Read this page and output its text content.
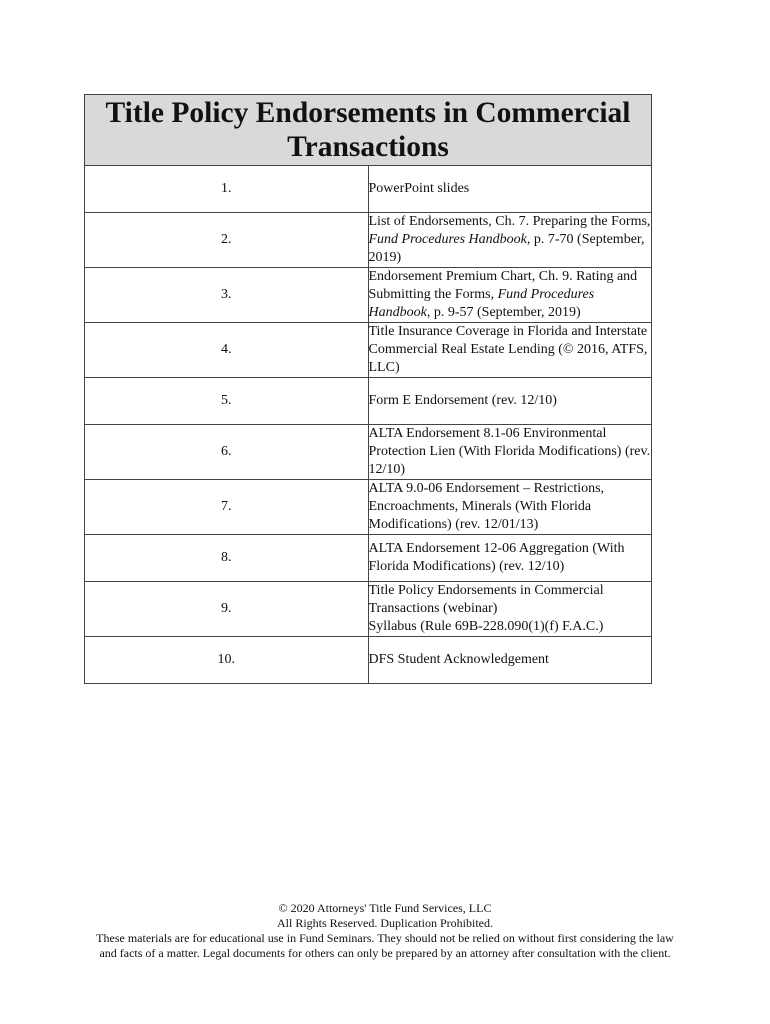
Title Policy Endorsements in Commercial Transactions	
1.	PowerPoint slides
2.	List of Endorsements, Ch. 7. Preparing the Forms, Fund Procedures Handbook, p. 7-70 (September, 2019)
3.	Endorsement Premium Chart, Ch. 9. Rating and Submitting the Forms, Fund Procedures Handbook, p. 9-57 (September, 2019)
4.	Title Insurance Coverage in Florida and Interstate Commercial Real Estate Lending (© 2016, ATFS, LLC)
5.	Form E Endorsement (rev. 12/10)
6.	ALTA Endorsement 8.1-06 Environmental Protection Lien (With Florida Modifications) (rev. 12/10)
7.	ALTA 9.0-06 Endorsement – Restrictions, Encroachments, Minerals (With Florida Modifications) (rev. 12/01/13)
8.	ALTA Endorsement 12-06 Aggregation (With Florida Modifications) (rev. 12/10)
9.	Title Policy Endorsements in Commercial Transactions (webinar)
Syllabus (Rule 69B-228.090(1)(f) F.A.C.)
10.	DFS Student Acknowledgement
© 2020 Attorneys' Title Fund Services, LLC
All Rights Reserved. Duplication Prohibited.
These materials are for educational use in Fund Seminars. They should not be relied on without first considering the law
and facts of a matter. Legal documents for others can only be prepared by an attorney after consultation with the client.
